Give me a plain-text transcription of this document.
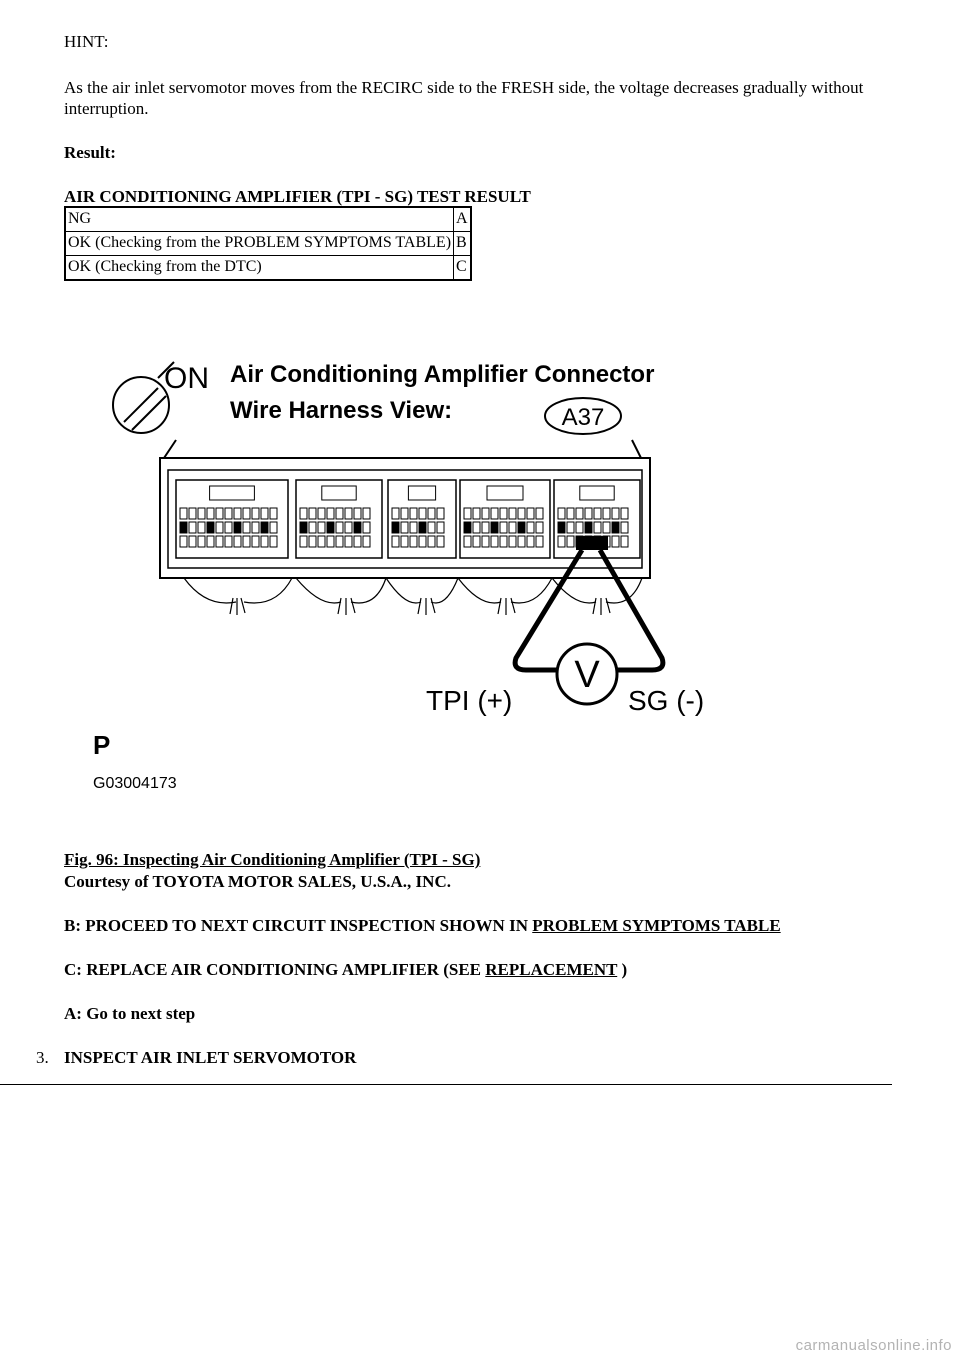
HINT:
As the air inlet servomotor moves from the RECIRC side to the FRESH side, the voltage decreases gradually without interruption.
Result:
AIR CONDITIONING AMPLIFIER (TPI - SG) TEST RESULT
NG	A
OK (Checking from the PROBLEM SYMPTOMS TABLE)	B
OK (Checking from the DTC)	C
ON Air Conditioning Amplifier Connector
Wire Harness View:	A37
V
TPI (+)	SG (-)
P
G03004173
Fig. 96: Inspecting Air Conditioning Amplifier (TPI - SG)
Courtesy of TOYOTA MOTOR SALES, U.S.A., INC.
B: PROCEED TO NEXT CIRCUIT INSPECTION SHOWN IN PROBLEM SYMPTOMS TABLE
C: REPLACE AIR CONDITIONING AMPLIFIER (SEE REPLACEMENT )
A: Go to next step
3. INSPECT AIR INLET SERVOMOTOR
carmanualsonline.info
